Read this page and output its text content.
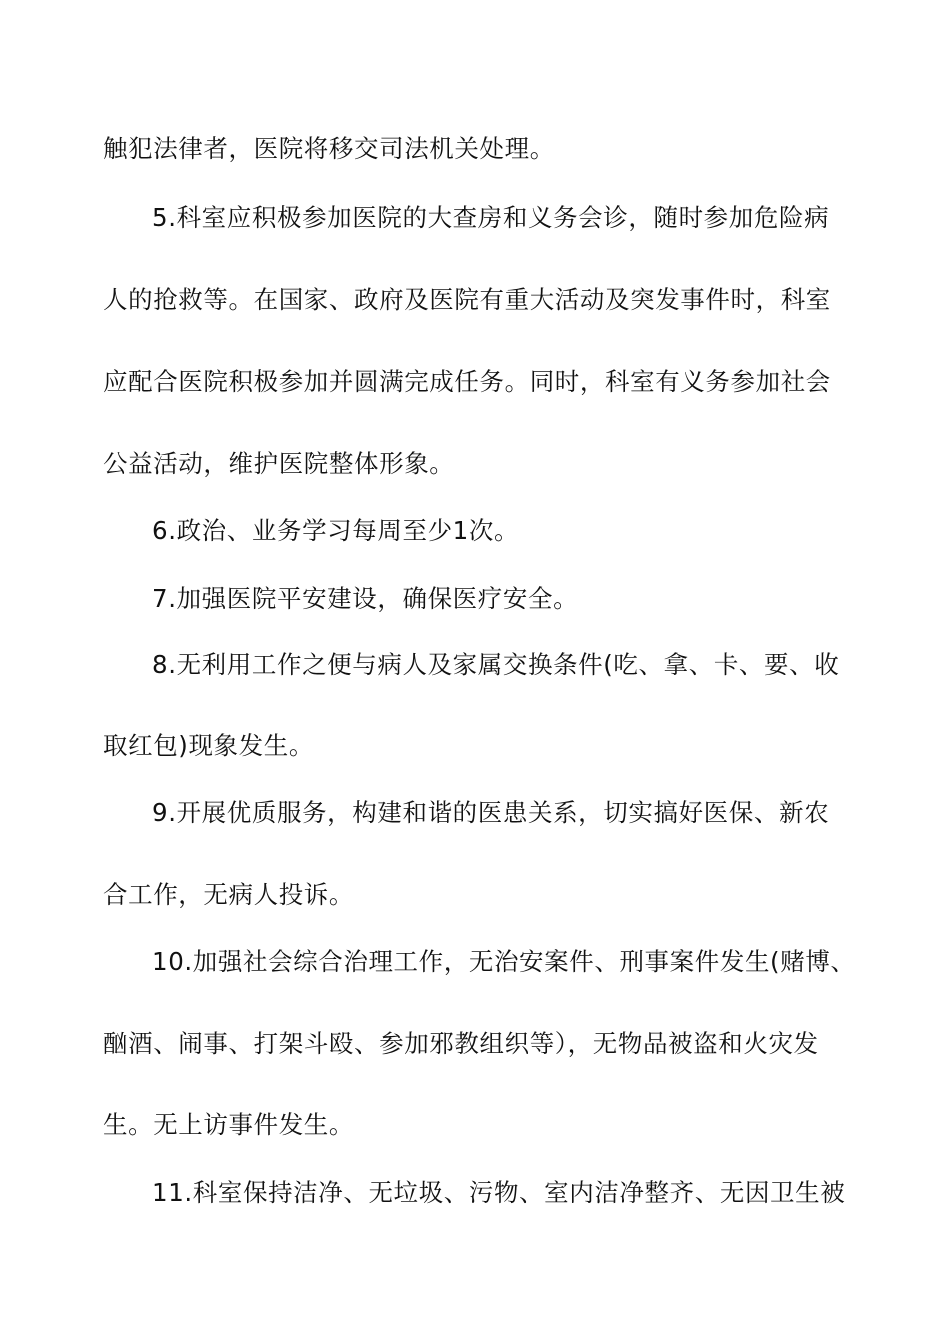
触犯法律者，医院将移交司法机关处理。
5.科室应积极参加医院的大查房和义务会诊，随时参加危险病
人的抢救等。在国家、政府及医院有重大活动及突发事件时，科室
应配合医院积极参加并圆满完成任务。同时，科室有义务参加社会
公益活动，维护医院整体形象。
6.政治、业务学习每周至少1次。
7.加强医院平安建设，确保医疗安全。
8.无利用工作之便与病人及家属交换条件(吃、拿、卡、要、收
取红包)现象发生。
9.开展优质服务，构建和谐的医患关系，切实搞好医保、新农
合工作，无病人投诉。
10.加强社会综合治理工作，无治安案件、刑事案件发生(赌博、
酗酒、闹事、打架斗殴、参加邪教组织等），无物品被盗和火灾发
生。无上访事件发生。
11.科室保持洁净、无垃圾、污物、室内洁净整齐、无因卫生被
